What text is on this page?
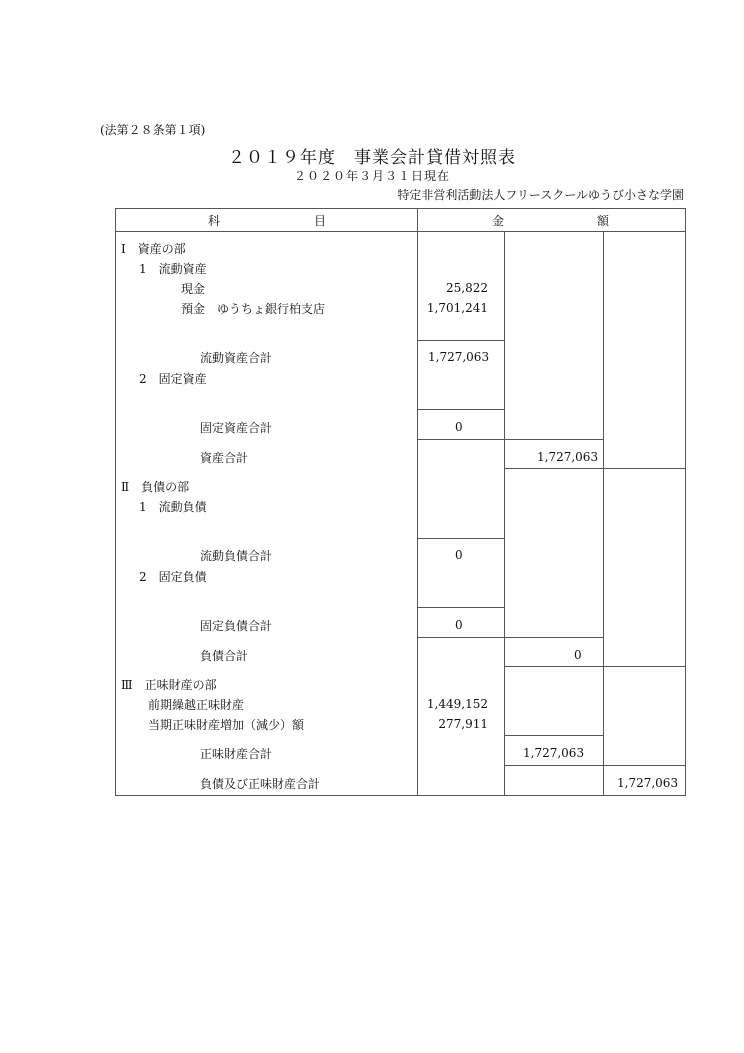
(法第２８条第１項)
２０１９年度　事業会計貸借対照表
２０２０年３月３１日現在
特定非営利活動法人フリースクールゆうび小さな学園
科	目	金	額
Ⅰ　資産の部
1　流動資産
現金	25,822
預金　ゆうちょ銀行柏支店	1,701,241
流動資産合計	1,727,063
2　固定資産
固定資産合計	0
資産合計	1,727,063
Ⅱ　負債の部
1　流動負債
流動負債合計	0
2　固定負債
固定負債合計	0
負債合計	0
Ⅲ　正味財産の部
前期繰越正味財産	1,449,152
当期正味財産増加（減少）額	277,911
正味財産合計	1,727,063
負債及び正味財産合計	1,727,063
